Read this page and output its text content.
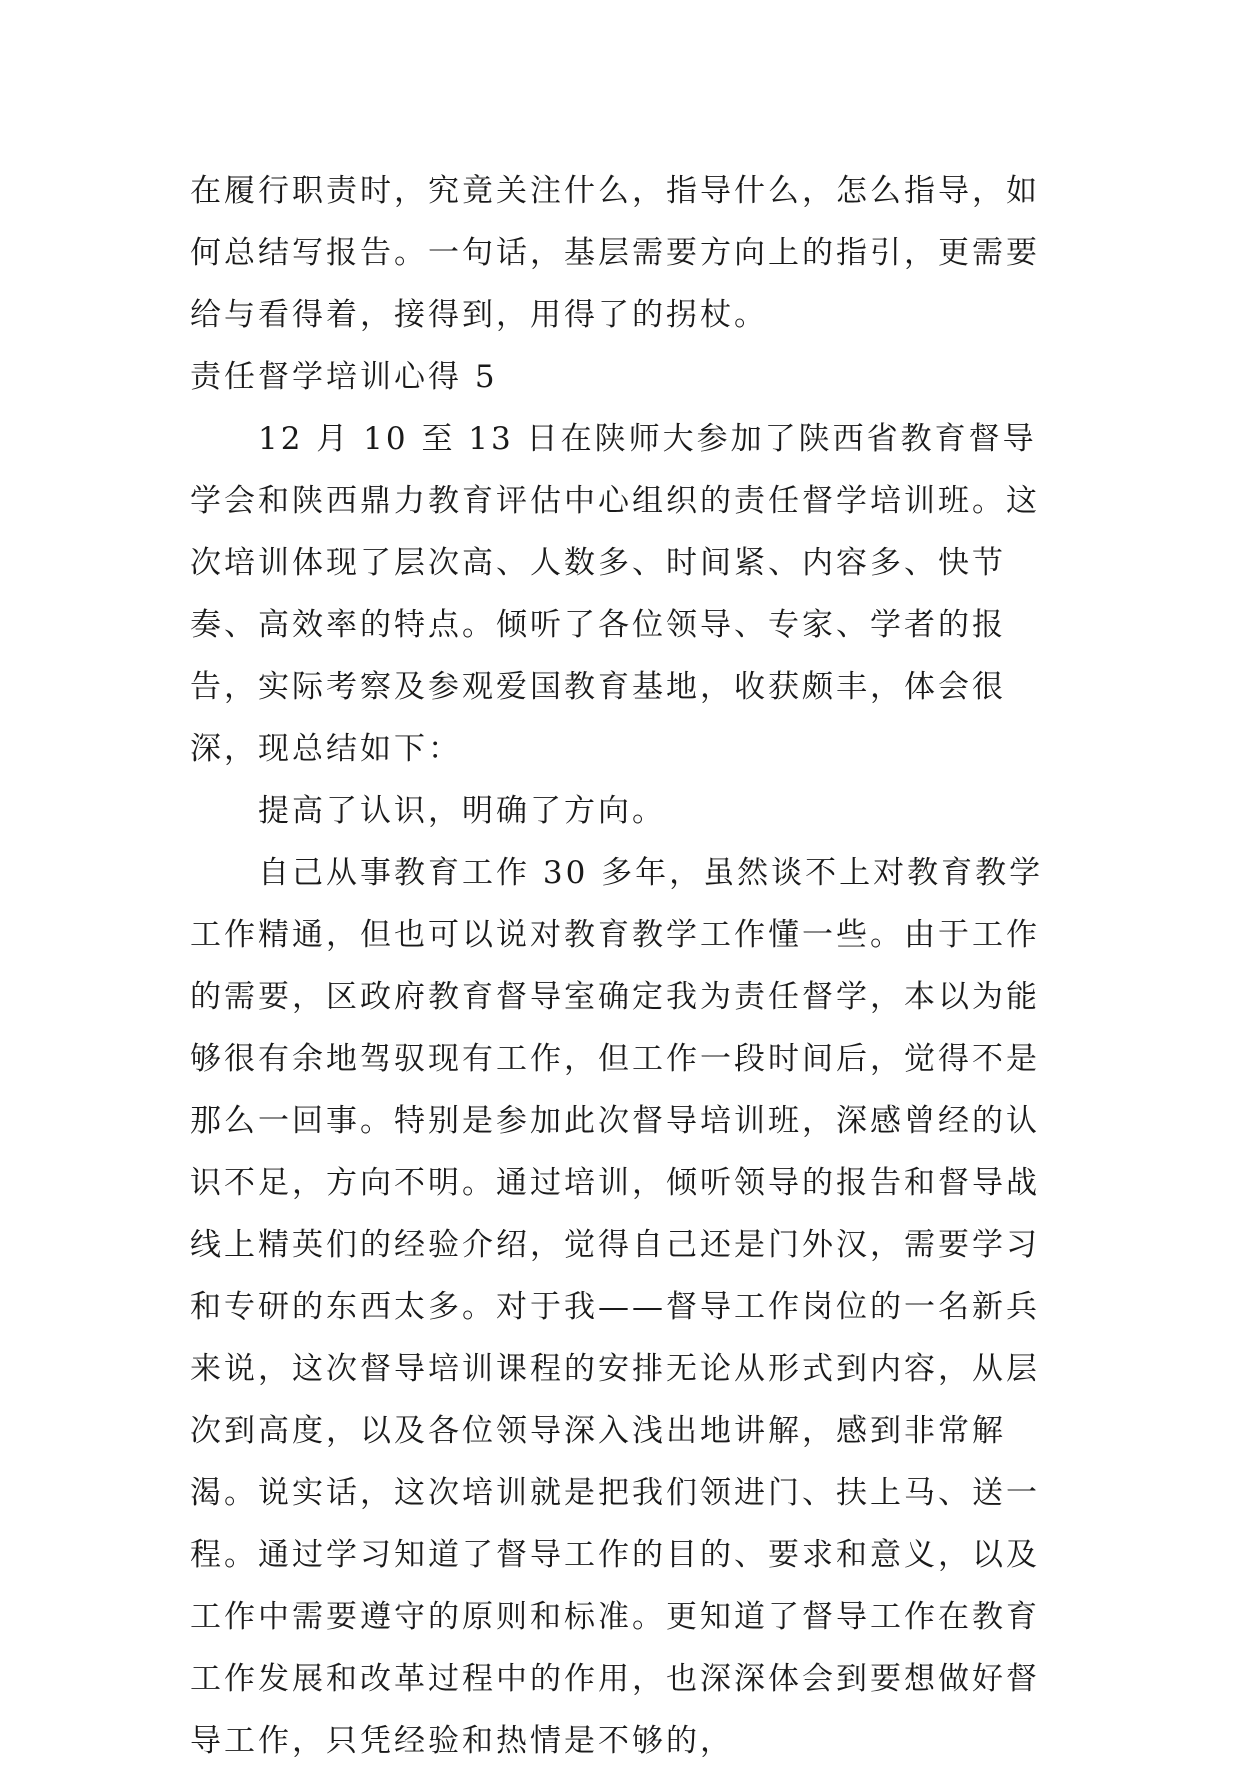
在履行职责时，究竟关注什么，指导什么，怎么指导，如何总结写报告。一句话，基层需要方向上的指引，更需要给与看得着，接得到，用得了的拐杖。

责任督学培训心得 5

12 月 10 至 13 日在陕师大参加了陕西省教育督导学会和陕西鼎力教育评估中心组织的责任督学培训班。这次培训体现了层次高、人数多、时间紧、内容多、快节奏、高效率的特点。倾听了各位领导、专家、学者的报告，实际考察及参观爱国教育基地，收获颇丰，体会很深，现总结如下：

提高了认识，明确了方向。

自己从事教育工作 30 多年，虽然谈不上对教育教学工作精通，但也可以说对教育教学工作懂一些。由于工作的需要，区政府教育督导室确定我为责任督学，本以为能够很有余地驾驭现有工作，但工作一段时间后，觉得不是那么一回事。特别是参加此次督导培训班，深感曾经的认识不足，方向不明。通过培训，倾听领导的报告和督导战线上精英们的经验介绍，觉得自己还是门外汉，需要学习和专研的东西太多。对于我——督导工作岗位的一名新兵来说，这次督导培训课程的安排无论从形式到内容，从层次到高度，以及各位领导深入浅出地讲解，感到非常解渴。说实话，这次培训就是把我们领进门、扶上马、送一程。通过学习知道了督导工作的目的、要求和意义，以及工作中需要遵守的原则和标准。更知道了督导工作在教育工作发展和改革过程中的作用，也深深体会到要想做好督导工作，只凭经验和热情是不够的，
